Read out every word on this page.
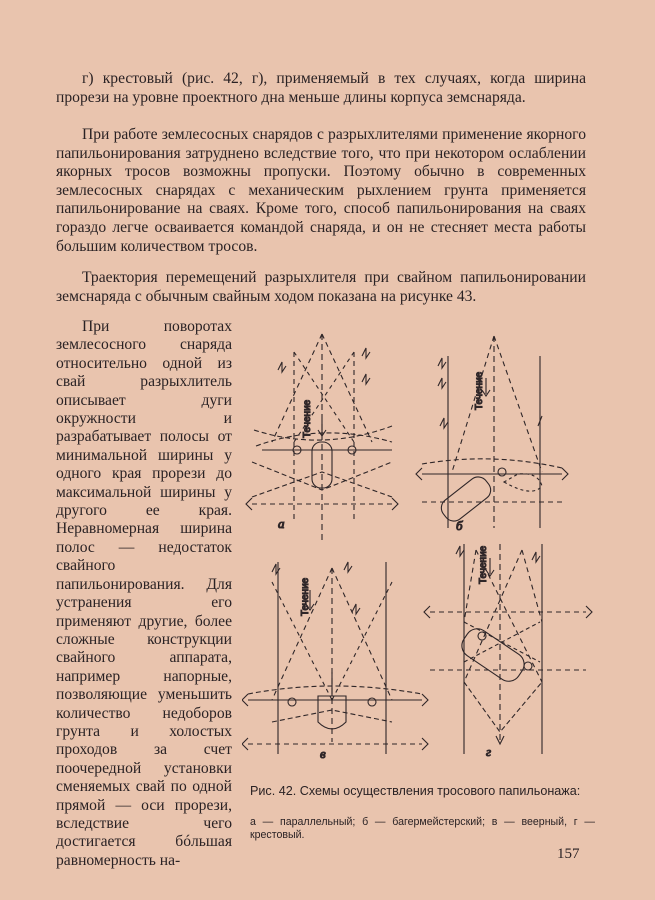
г) крестовый (рис. 42, г), применяемый в тех случаях, когда ширина прорези на уровне проектного дна меньше длины корпуса земснаряда.

При работе землесосных снарядов с разрыхлителями применение якорного папильонирования затруднено вследствие того, что при некотором ослаблении якорных тросов возможны пропуски. Поэтому обычно в современных землесосных снарядах с механическим рыхлением грунта применяется папильонирование на сваях. Кроме того, способ папильонирования на сваях гораздо легче осваивается командой снаряда, и он не стесняет места работы большим количеством тросов.

Траектория перемещений разрыхлителя при свайном папильонировании земснаряда с обычным свайным ходом показана на рисунке 43.

При поворотах землесосного снаряда относительно одной из свай разрыхлитель описывает дуги окружности и разрабатывает полосы от минимальной ширины у одного края прорези до максимальной ширины у другого ее края. Неравномерная ширина полос — недостаток свайного папильонирования. Для устранения его применяют другие, более сложные конструкции свайного аппарата, например напорные, позволяющие уменьшить количество недоборов грунта и холостых проходов за счет поочередной установки сменяемых свай по одной прямой — оси прорези, вследствие чего достигается бóльшая равномерность на-

а
Течение
б
Течение
в
Течение
г
Течение

Рис. 42. Схемы осуществления тросового папильонажа:

а — параллельный; б — багермейстерский; в — веерный, г — крестовый.

157
